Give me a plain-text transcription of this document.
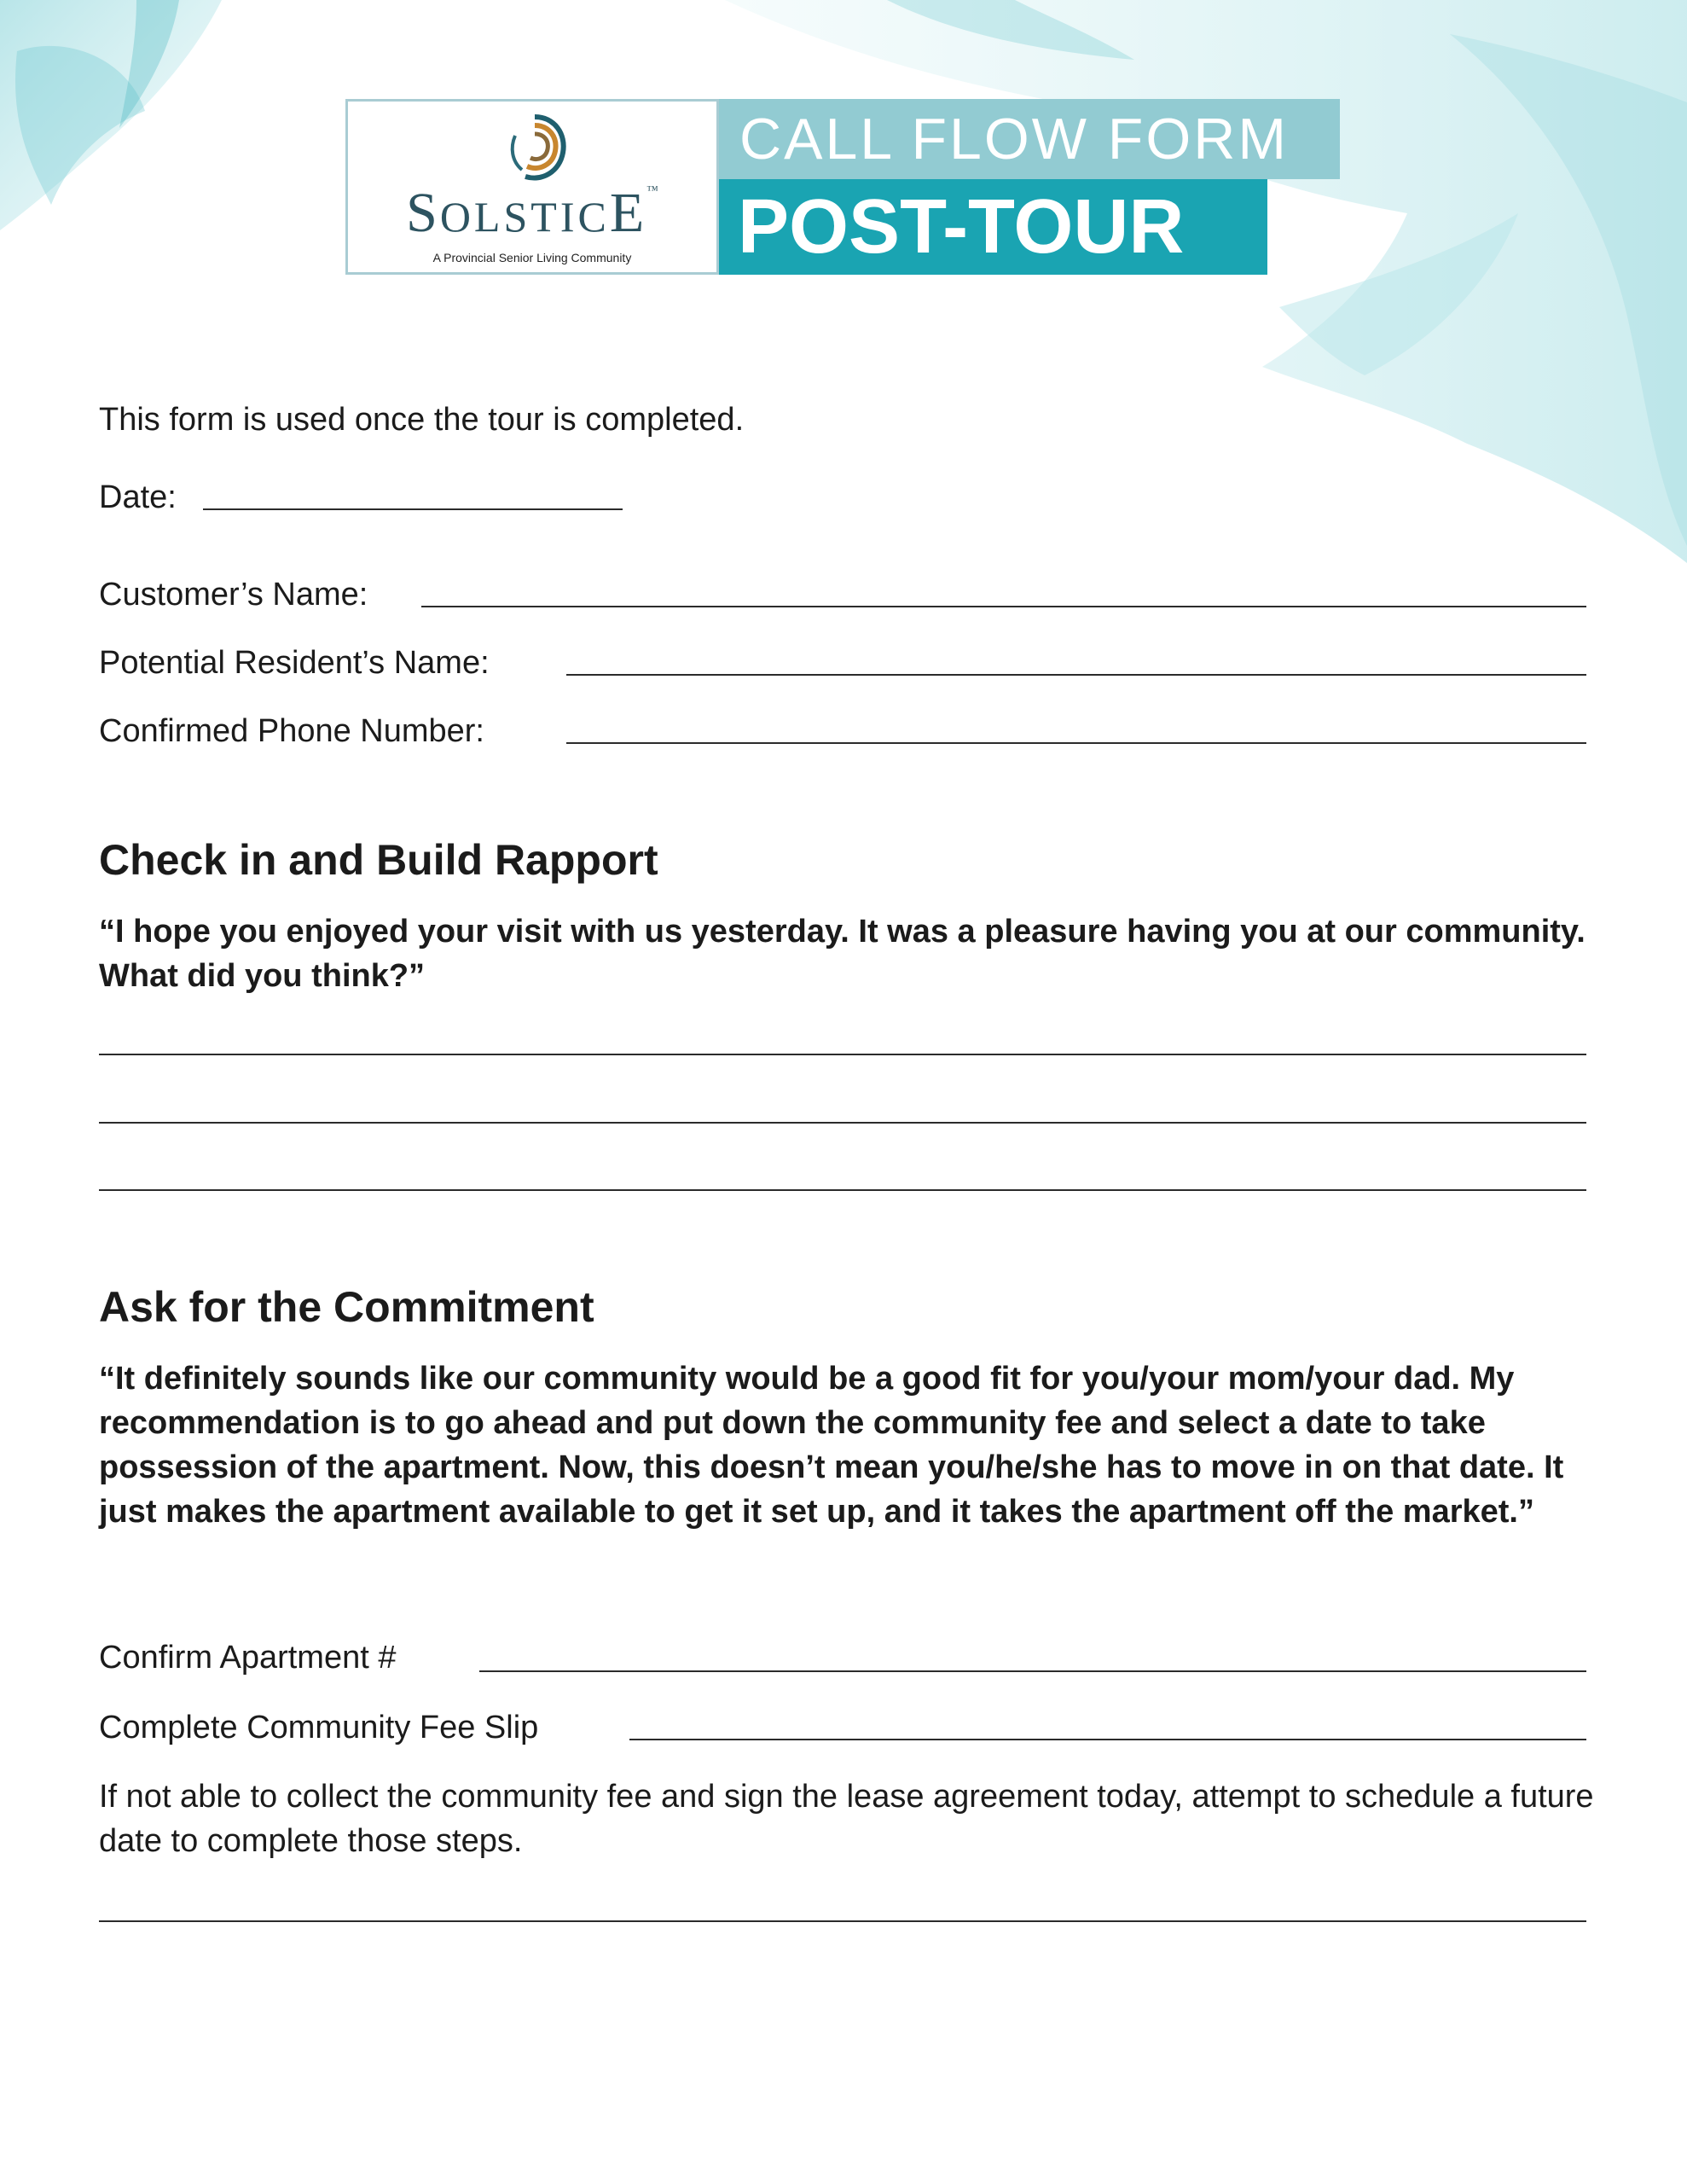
SOLSTICE™
A Provincial Senior Living Community
CALL FLOW FORM
POST-TOUR
This form is used once the tour is completed.
Date:
Customer’s Name:
Potential Resident’s Name:
Confirmed Phone Number:
Check in and Build Rapport
“I hope you enjoyed your visit with us yesterday. It was a pleasure having you at our community. What did you think?”
Ask for the Commitment
“It definitely sounds like our community would be a good fit for you/your mom/your dad. My recommendation is to go ahead and put down the community fee and select a date to take possession of the apartment. Now, this doesn’t mean you/he/she has to move in on that date. It just makes the apartment available to get it set up, and it takes the apartment off the market.”
Confirm Apartment #
Complete Community Fee Slip
If not able to collect the community fee and sign the lease agreement today, attempt to schedule a future date to complete those steps.
